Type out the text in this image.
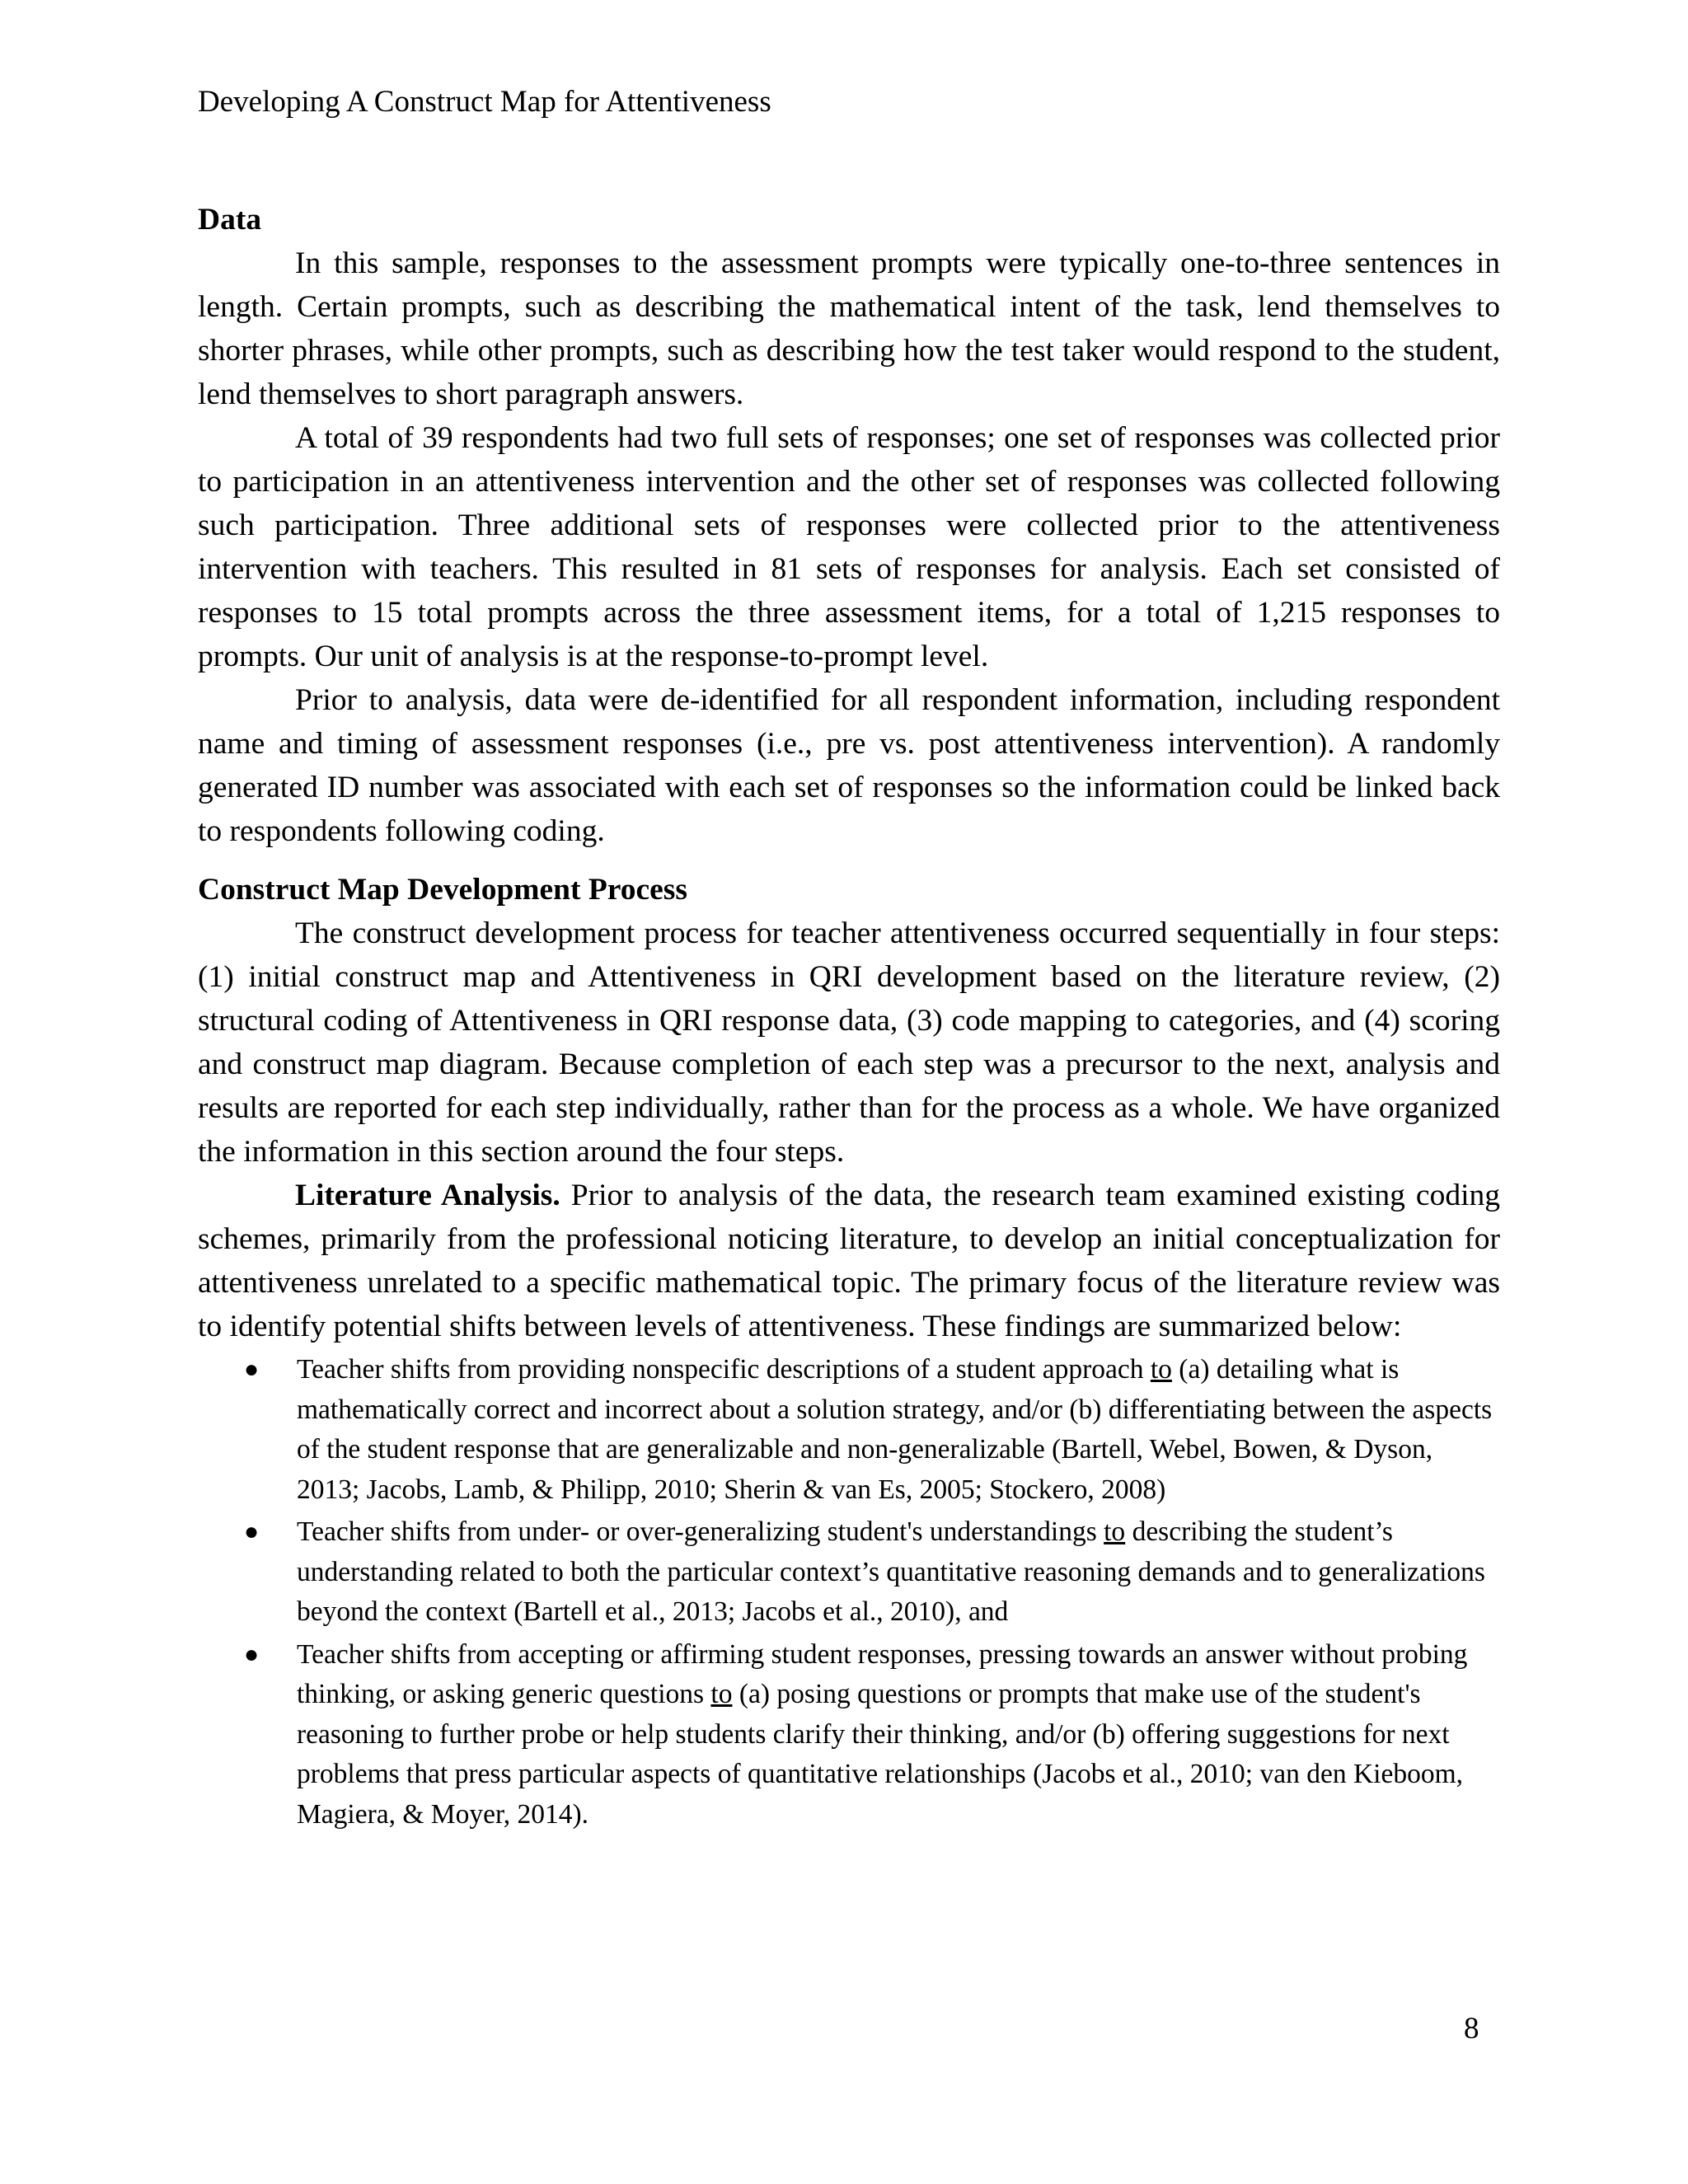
Developing A Construct Map for Attentiveness
Data

In this sample, responses to the assessment prompts were typically one-to-three sentences in length. Certain prompts, such as describing the mathematical intent of the task, lend themselves to shorter phrases, while other prompts, such as describing how the test taker would respond to the student, lend themselves to short paragraph answers.

A total of 39 respondents had two full sets of responses; one set of responses was collected prior to participation in an attentiveness intervention and the other set of responses was collected following such participation. Three additional sets of responses were collected prior to the attentiveness intervention with teachers. This resulted in 81 sets of responses for analysis. Each set consisted of responses to 15 total prompts across the three assessment items, for a total of 1,215 responses to prompts. Our unit of analysis is at the response-to-prompt level.

Prior to analysis, data were de-identified for all respondent information, including respondent name and timing of assessment responses (i.e., pre vs. post attentiveness intervention). A randomly generated ID number was associated with each set of responses so the information could be linked back to respondents following coding.

Construct Map Development Process

The construct development process for teacher attentiveness occurred sequentially in four steps: (1) initial construct map and Attentiveness in QRI development based on the literature review, (2) structural coding of Attentiveness in QRI response data, (3) code mapping to categories, and (4) scoring and construct map diagram. Because completion of each step was a precursor to the next, analysis and results are reported for each step individually, rather than for the process as a whole. We have organized the information in this section around the four steps.

Literature Analysis. Prior to analysis of the data, the research team examined existing coding schemes, primarily from the professional noticing literature, to develop an initial conceptualization for attentiveness unrelated to a specific mathematical topic. The primary focus of the literature review was to identify potential shifts between levels of attentiveness. These findings are summarized below:

● Teacher shifts from providing nonspecific descriptions of a student approach to (a) detailing what is mathematically correct and incorrect about a solution strategy, and/or (b) differentiating between the aspects of the student response that are generalizable and non-generalizable (Bartell, Webel, Bowen, & Dyson, 2013; Jacobs, Lamb, & Philipp, 2010; Sherin & van Es, 2005; Stockero, 2008)
● Teacher shifts from under- or over-generalizing student's understandings to describing the student’s understanding related to both the particular context’s quantitative reasoning demands and to generalizations beyond the context (Bartell et al., 2013; Jacobs et al., 2010), and
● Teacher shifts from accepting or affirming student responses, pressing towards an answer without probing thinking, or asking generic questions to (a) posing questions or prompts that make use of the student's reasoning to further probe or help students clarify their thinking, and/or (b) offering suggestions for next problems that press particular aspects of quantitative relationships (Jacobs et al., 2010; van den Kieboom, Magiera, & Moyer, 2014).
8
